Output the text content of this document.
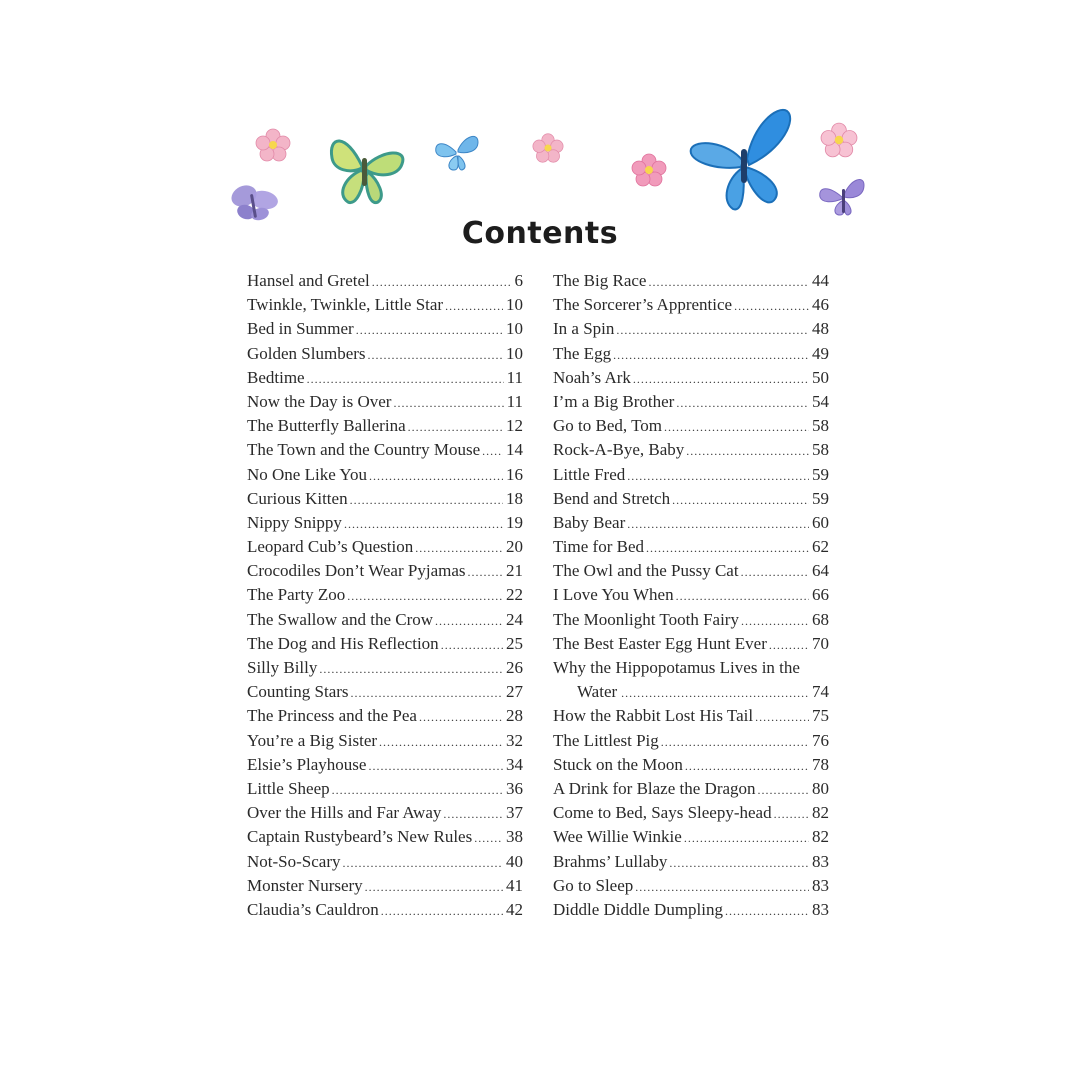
Contents
Hansel and Gretel .....	6
Twinkle, Twinkle, Little Star .....	10
Bed in Summer .....	10
Golden Slumbers .....	10
Bedtime .....	11
Now the Day is Over .....	11
The Butterfly Ballerina .....	12
The Town and the Country Mouse ..... 14
No One Like You .....	16
Curious Kitten .....	18
Nippy Snippy .....	19
Leopard Cub’s Question .....	20
Crocodiles Don’t Wear Pyjamas ..... 21
The Party Zoo .....	22
The Swallow and the Crow .....	24
The Dog and His Reflection .....	25
Silly Billy .....	26
Counting Stars .....	27
The Princess and the Pea .....	28
You’re a Big Sister .....	32
Elsie’s Playhouse .....	34
Little Sheep .....	36
Over the Hills and Far Away .....	37
Captain Rustybeard’s New Rules ..... 38
Not-So-Scary .....	40
Monster Nursery .....	41
Claudia’s Cauldron .....	42
The Big Race .....	44
The Sorcerer’s Apprentice .....	46
In a Spin .....	48
The Egg .....	49
Noah’s Ark .....	50
I’m a Big Brother .....	54
Go to Bed, Tom .....	58
Rock-A-Bye, Baby .....	58
Little Fred .....	59
Bend and Stretch .....	59
Baby Bear .....	60
Time for Bed .....	62
The Owl and the Pussy Cat .....	64
I Love You When .....	66
The Moonlight Tooth Fairy .....	68
The Best Easter Egg Hunt Ever .....	70
Why the Hippopotamus Lives in the
Water .....	74
How the Rabbit Lost His Tail .....	75
The Littlest Pig .....	76
Stuck on the Moon .....	78
A Drink for Blaze the Dragon .....	80
Come to Bed, Says Sleepy-head ..... 82
Wee Willie Winkie .....	82
Brahms’ Lullaby .....	83
Go to Sleep .....	83
Diddle Diddle Dumpling .....	83
